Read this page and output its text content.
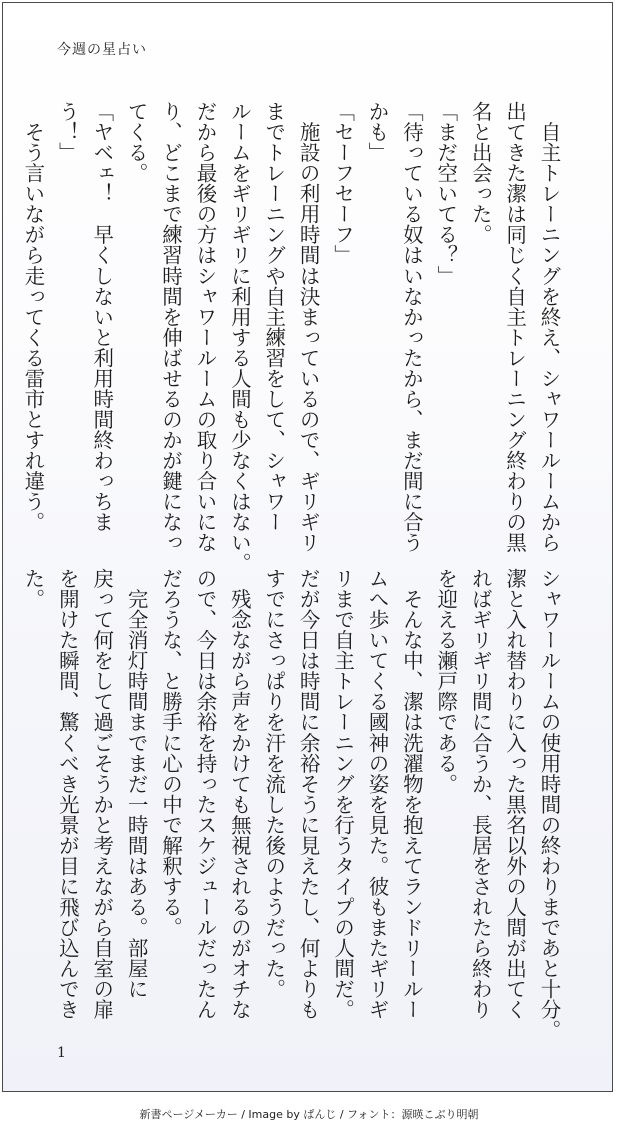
今週の星占い
　自主トレーニングを終え、シャワールームから
出てきた潔は同じく自主トレーニング終わりの黒
名と出会った。
「まだ空いてる？」
「待っている奴はいなかったから、まだ間に合う
かも」
「セーフセーフ」
　施設の利用時間は決まっているので、ギリギリ
までトレーニングや自主練習をして、シャワー
ルームをギリギリに利用する人間も少なくはない。
だから最後の方はシャワールームの取り合いにな
り、どこまで練習時間を伸ばせるのかが鍵になっ
てくる。
「ヤベェ！　早くしないと利用時間終わっちま
う！」
　そう言いながら走ってくる雷市とすれ違う。
シャワールームの使用時間の終わりまであと十分。
潔と入れ替わりに入った黒名以外の人間が出てく
ればギリギリ間に合うか、長居をされたら終わり
を迎える瀬戸際である。
　そんな中、潔は洗濯物を抱えてランドリールー
ムへ歩いてくる國神の姿を見た。彼もまたギリギ
リまで自主トレーニングを行うタイプの人間だ。
だが今日は時間に余裕そうに見えたし、何よりも
すでにさっぱりを汗を流した後のようだった。
　残念ながら声をかけても無視されるのがオチな
ので、今日は余裕を持ったスケジュールだったん
だろうな、と勝手に心の中で解釈する。
　完全消灯時間までまだ一時間はある。部屋に
戻って何をして過ごそうかと考えながら自室の扉
を開けた瞬間、驚くべき光景が目に飛び込んでき
た。
1
新書ページメーカー / Image by ぱんじ / フォント：源暎こぶり明朝
